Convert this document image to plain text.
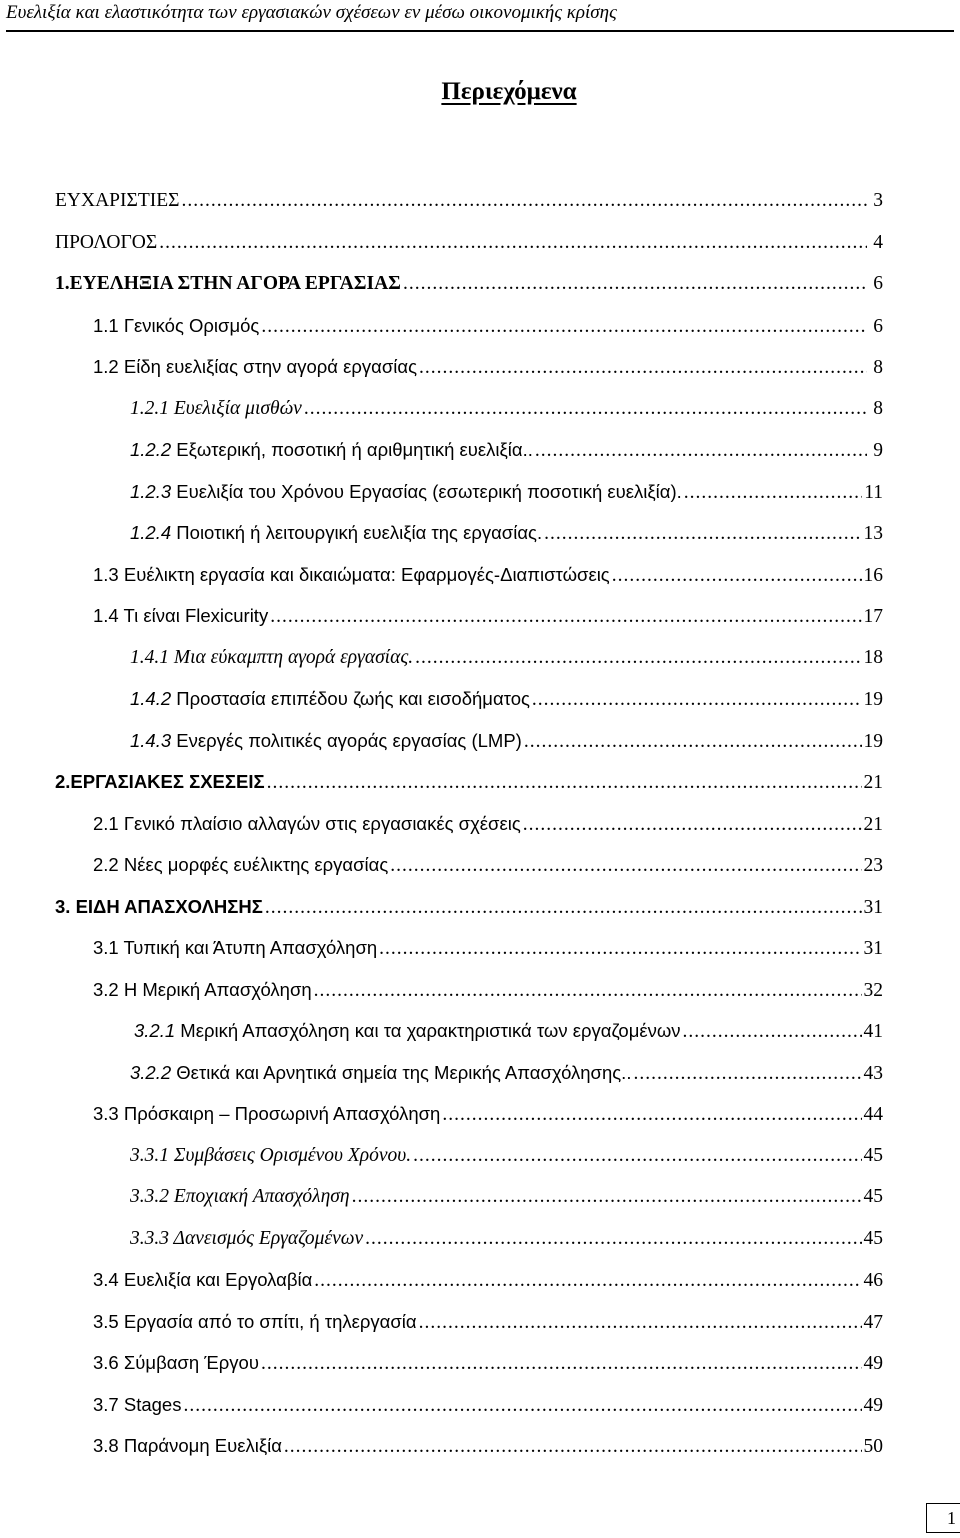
Ευελιξία και ελαστικότητα των εργασιακών σχέσεων εν μέσω οικονομικής κρίσης
Περιεχόμενα
ΕΥΧΑΡΙΣΤΙΕΣ .....	3
ΠΡΟΛΟΓΟΣ .....	4
1.ΕΥΕΛΗΞΙΑ ΣΤΗΝ ΑΓΟΡΑ ΕΡΓΑΣΙΑΣ .....	6
1.1 Γενικός Ορισμός .....	6
1.2 Είδη ευελιξίας στην αγορά εργασίας .....	8
1.2.1 Ευελιξία μισθών .....	8
1.2.2 Εξωτερική, ποσοτική ή αριθμητική ευελιξία.. .....	9
1.2.3 Ευελιξία του Χρόνου Εργασίας (εσωτερική ποσοτική ευελιξία). .....	11
1.2.4 Ποιοτική ή λειτουργική ευελιξία της εργασίας. .....	13
1.3 Ευέλικτη εργασία και δικαιώματα: Εφαρμογές-Διαπιστώσεις .....	16
1.4 Τι είναι Flexicurity .....	17
1.4.1 Μια εύκαμπτη αγορά εργασίας. .....	18
1.4.2 Προστασία επιπέδου ζωής και εισοδήματος .....	19
1.4.3 Ενεργές πολιτικές αγοράς εργασίας (LMP) .....	19
2.ΕΡΓΑΣΙΑΚΕΣ ΣΧΕΣΕΙΣ .....	21
2.1 Γενικό πλαίσιο αλλαγών στις εργασιακές σχέσεις .....	21
2.2 Νέες μορφές ευέλικτης εργασίας .....	23
3. ΕΙΔΗ ΑΠΑΣΧΟΛΗΣΗΣ .....	31
3.1 Τυπική και Άτυπη Απασχόληση .....	31
3.2 Η Μερική Απασχόληση .....	32
3.2.1 Μερική Απασχόληση και τα χαρακτηριστικά των εργαζομένων .....	41
3.2.2 Θετικά και Αρνητικά σημεία της Μερικής Απασχόλησης.. .....	43
3.3 Πρόσκαιρη – Προσωρινή Απασχόληση .....	44
3.3.1 Συμβάσεις Ορισμένου Χρόνου. .....	45
3.3.2 Εποχιακή Απασχόληση .....	45
3.3.3 Δανεισμός Εργαζομένων .....	45
3.4 Ευελιξία και Εργολαβία .....	46
3.5 Εργασία από το σπίτι, ή τηλεργασία .....	47
3.6 Σύμβαση Έργου .....	49
3.7 Stages .....	49
3.8 Παράνομη Ευελιξία .....	50
1
